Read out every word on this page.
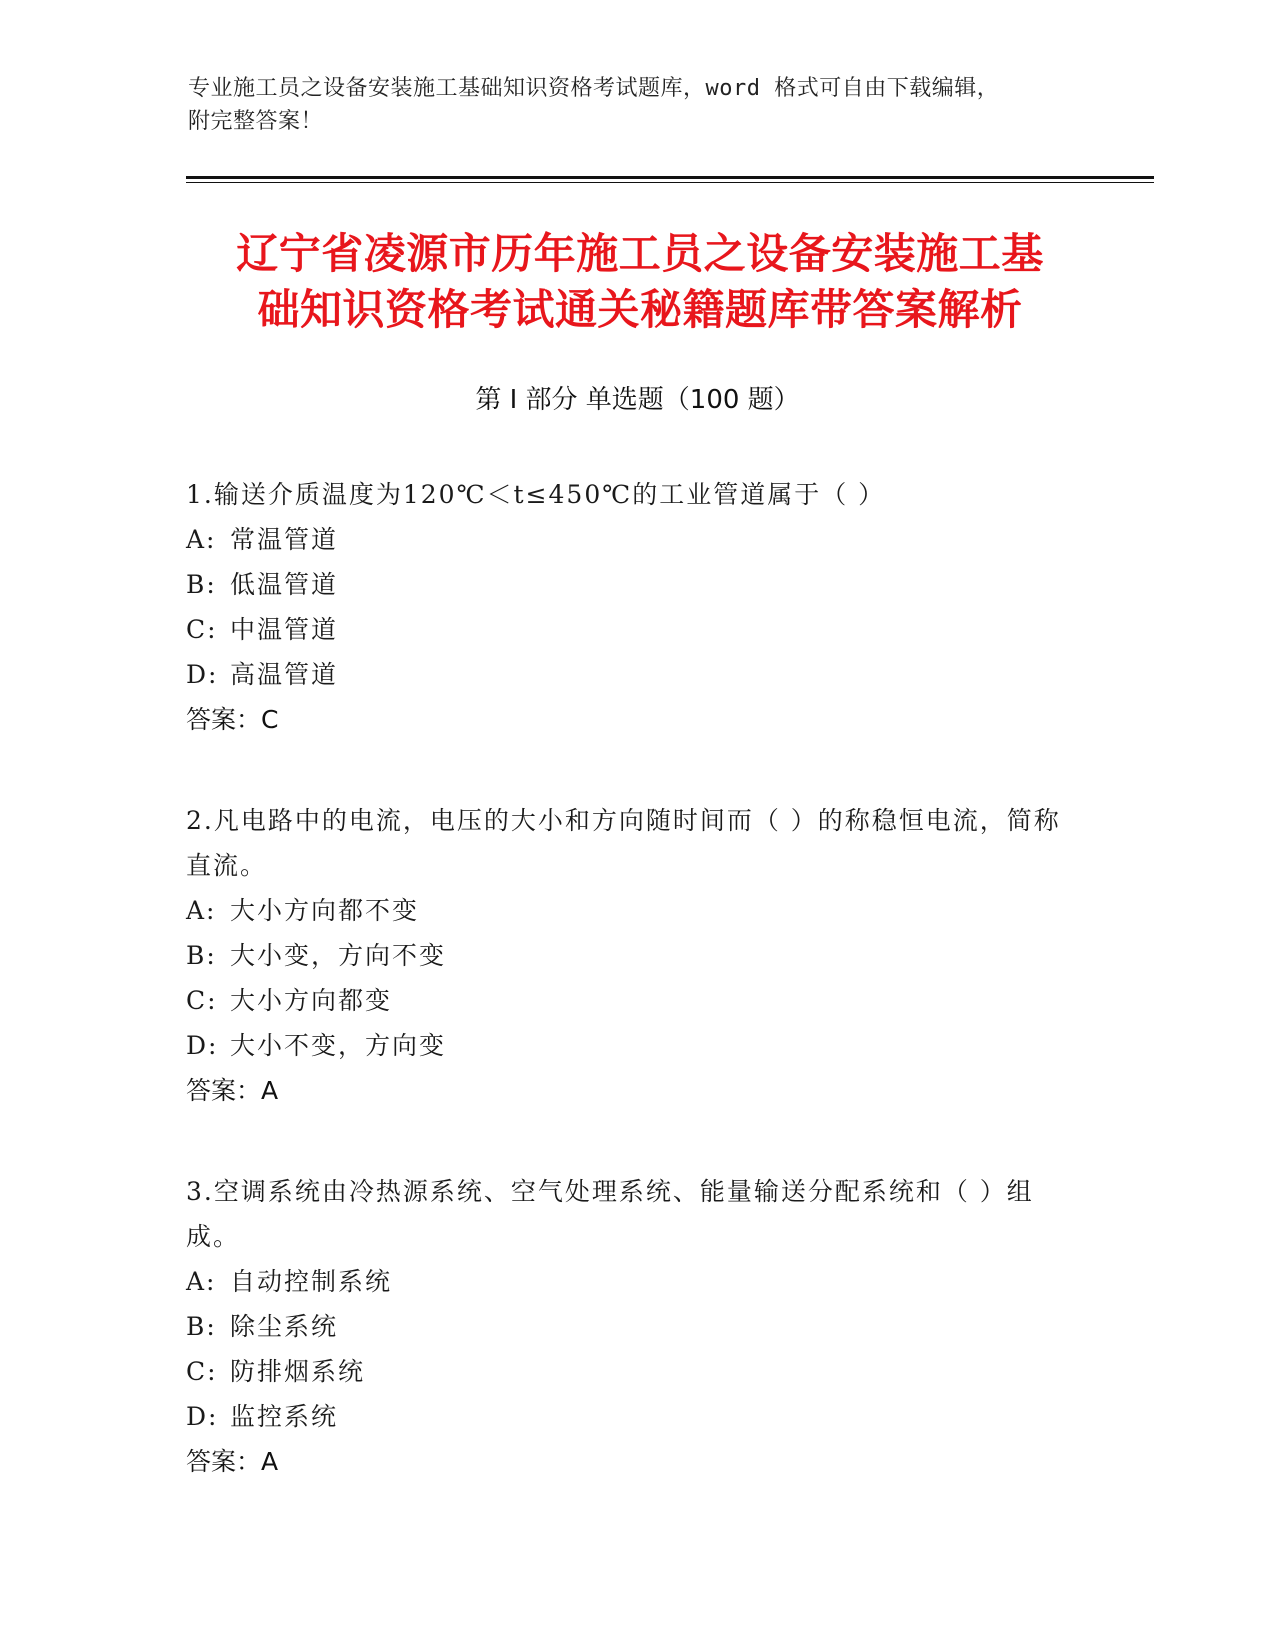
专业施工员之设备安装施工基础知识资格考试题库，word 格式可自由下载编辑，
附完整答案！
辽宁省凌源市历年施工员之设备安装施工基
础知识资格考试通关秘籍题库带答案解析
第 I 部分 单选题（100 题）
1.输送介质温度为120℃＜t≤450℃的工业管道属于（ ）
A: 常温管道
B: 低温管道
C: 中温管道
D: 高温管道
答案：C
2.凡电路中的电流，电压的大小和方向随时间而（ ）的称稳恒电流，简称直流。
A: 大小方向都不变
B: 大小变，方向不变
C: 大小方向都变
D: 大小不变，方向变
答案：A
3.空调系统由冷热源系统、空气处理系统、能量输送分配系统和（ ）组成。
A: 自动控制系统
B: 除尘系统
C: 防排烟系统
D: 监控系统
答案：A
